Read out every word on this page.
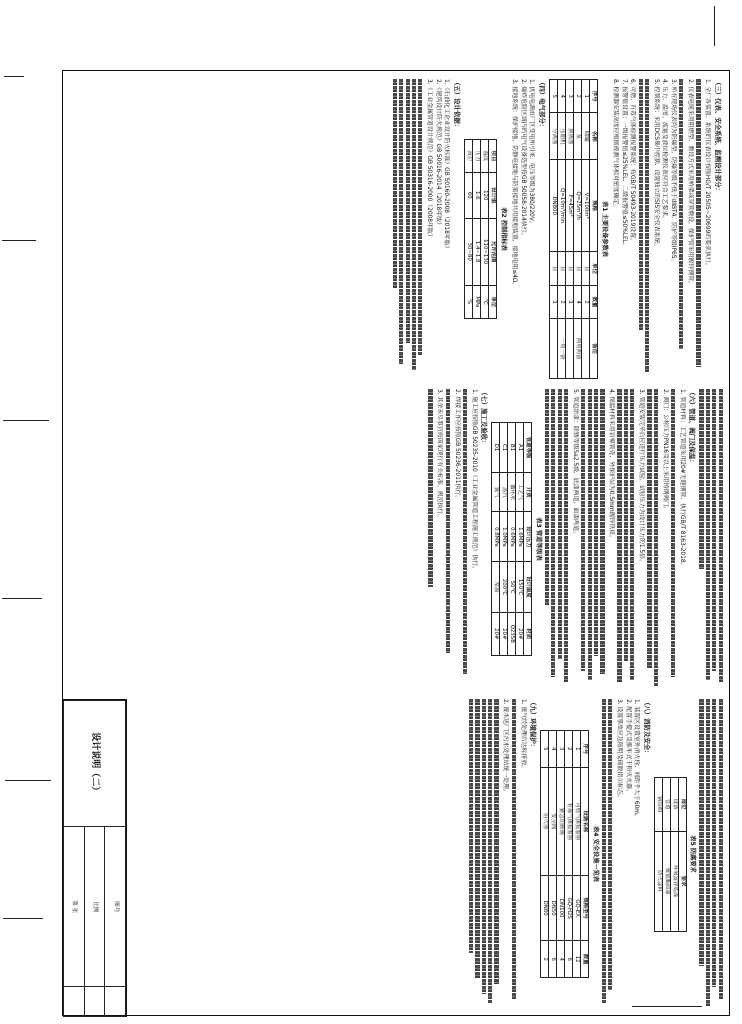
（三）仪表、安全系统、监测设计部分：
1. 全厂各装置、系统的仪表设计按照HG/T 20505~20699的要求执行。
2. 仪表电缆采用阻燃型，敷设方式采用桥架或穿管敷设，保护管采用镀锌钢管。
3. 所有现场仪表均为防爆型，防爆等级不低于dⅡBT4，防护等级IP65。
4. 压力、温度、流量及液位检测仪表应符合工艺要求。
5. 控制系统：采用DCS集中控制，设置独立的SIS安全仪表系统。
6. 可燃、有毒气体检测报警系统：按GB/T 50493-2019设置。
7. 报警值设置：一级报警值≤25%LEL，二级报警值≤50%LEL。
8. 检测器安装高度应根据被测气体相对密度确定。
表1 主要设备参数表
序号	名称	规格	单位	数量	备注
1	储罐	V=100m³	台	2	
2	泵	Q=25m³/h	台	4	两用两备
3	换热器	F=45m²	台	1	
4	压缩机	Q=10m³/min	台	2	一用一备
5	分离器	DN800	台	1	
（四）电气部分：
1. 供电电源由厂区变电所引来，电压等级为380/220V。
2. 爆炸危险区域内的电气设备选型按GB 50058-2014执行。
3. 接地系统：保护接地、防静电接地与防雷接地共用接地装置，接地电阻≤4Ω。
表2 控制指标表
项目	设计值	允许范围	单位
温度	120	110~130	℃
压力	1.6	1.4~1.8	MPa
液位	60	30~80	%
（五）设计依据：
1.《石油化工企业设计防火标准》GB 50160-2008（2018年版）
2.《建筑设计防火规范》GB 50016-2014（2018年版）
3.《工业金属管道设计规范》GB 50316-2000（2008年版）
（六）管道、阀门及保温：
1. 管道材料：工艺管道采用20#无缝钢管，执行GB/T 8163-2018。
2. 阀门：公称压力PN16及以上采用铸钢阀门。
3. 管道安装完毕后应进行压力试验，试验压力为设计压力的1.5倍。
4. 保温材料采用岩棉管壳，外保护层为0.5mm镀锌铁皮。
5. 管道涂漆：除锈等级Sa2.5级，底漆两道，面漆两道。
表3 管道等级表
管道等级	介质	设计压力	设计温度	材质
A1	工艺气	1.6MPa	150℃	20#
B1	循环水	0.6MPa	50℃	Q235B
C1	蒸汽	1.0MPa	200℃	20#
D1	氮气	0.8MPa	常温	20#
（七）施工及验收：
1. 施工应按照GB 50235-2010《工业金属管道工程施工规范》执行。
2. 焊接工作应按照GB 50236-2011执行。
3. 其余未尽事宜按国家现行有关标准、规范执行。
表5 防腐要求
部位	要求
设备	环氧富锌底漆
管道	聚氨酯面漆
钢结构	防火涂料
（八）消防及安全：
1. 装置区设置室外消火栓，间距不大于60m。
2. 配置手提式及推车式干粉灭火器。
3. 设置事故应急照明及疏散指示标志。
表4 安全设施一览表
序号	设施名称	规格型号	数量
1	可燃气体报警器	GQ-EX	12
2	有毒气体报警器	GQ-H2S	6
3	紧急切断阀	DN100	4
4	安全阀	DN50	6
5	阻火器	DN80	2
（九）环境保护：
1. 废气经处理后达标排放。
2. 废水送厂区污水处理站统一处理。
设计说明（二）	图号	
	比例	
	第 张	
